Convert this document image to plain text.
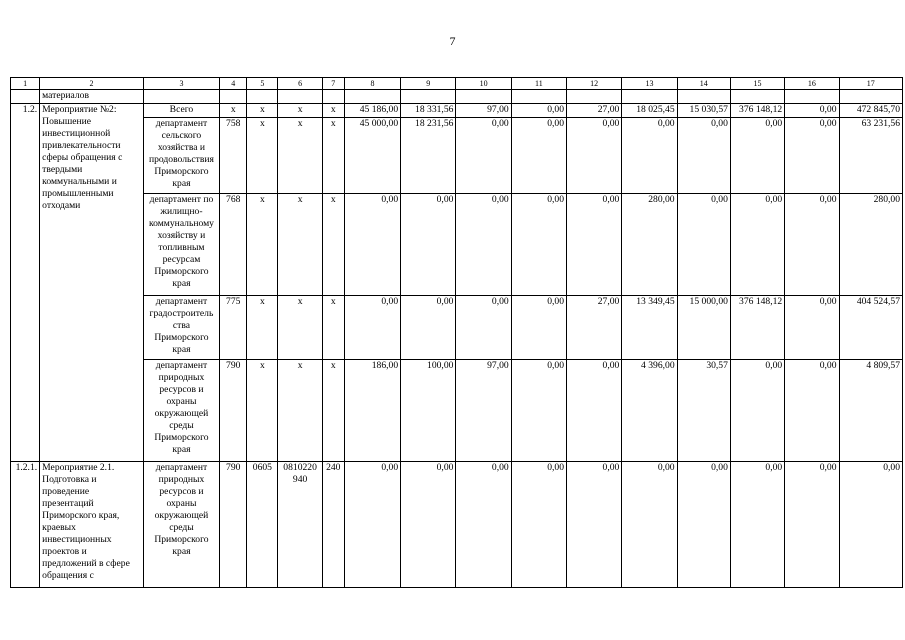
7
1	2	3	4	5	6	7	8	9	10	11	12	13	14	15	16	17
	материалов															
1.2.	Мероприятие №2: Повышение инвестиционной привлекательности сферы обращения с твердыми коммунальными и промышленными отходами	Всего	x	x	x	x	45 186,00	18 331,56	97,00	0,00	27,00	18 025,45	15 030,57	376 148,12	0,00	472 845,70
		департамент сельского хозяйства и продовольствия Приморского края	758	x	x	x	45 000,00	18 231,56	0,00	0,00	0,00	0,00	0,00	0,00	0,00	63 231,56
		департамент по жилищно-коммунальному хозяйству и топливным ресурсам Приморского края	768	x	x	x	0,00	0,00	0,00	0,00	0,00	280,00	0,00	0,00	0,00	280,00
		департамент градостроитель ства Приморского края	775	x	x	x	0,00	0,00	0,00	0,00	27,00	13 349,45	15 000,00	376 148,12	0,00	404 524,57
		департамент природных ресурсов и охраны окружающей среды Приморского края	790	x	x	x	186,00	100,00	97,00	0,00	0,00	4 396,00	30,57	0,00	0,00	4 809,57
1.2.1.	Мероприятие 2.1. Подготовка и проведение презентаций Приморского края, краевых инвестиционных проектов и предложений в сфере обращения с	департамент природных ресурсов и охраны окружающей среды Приморского края	790	0605	0810220 940	240	0,00	0,00	0,00	0,00	0,00	0,00	0,00	0,00	0,00	0,00
